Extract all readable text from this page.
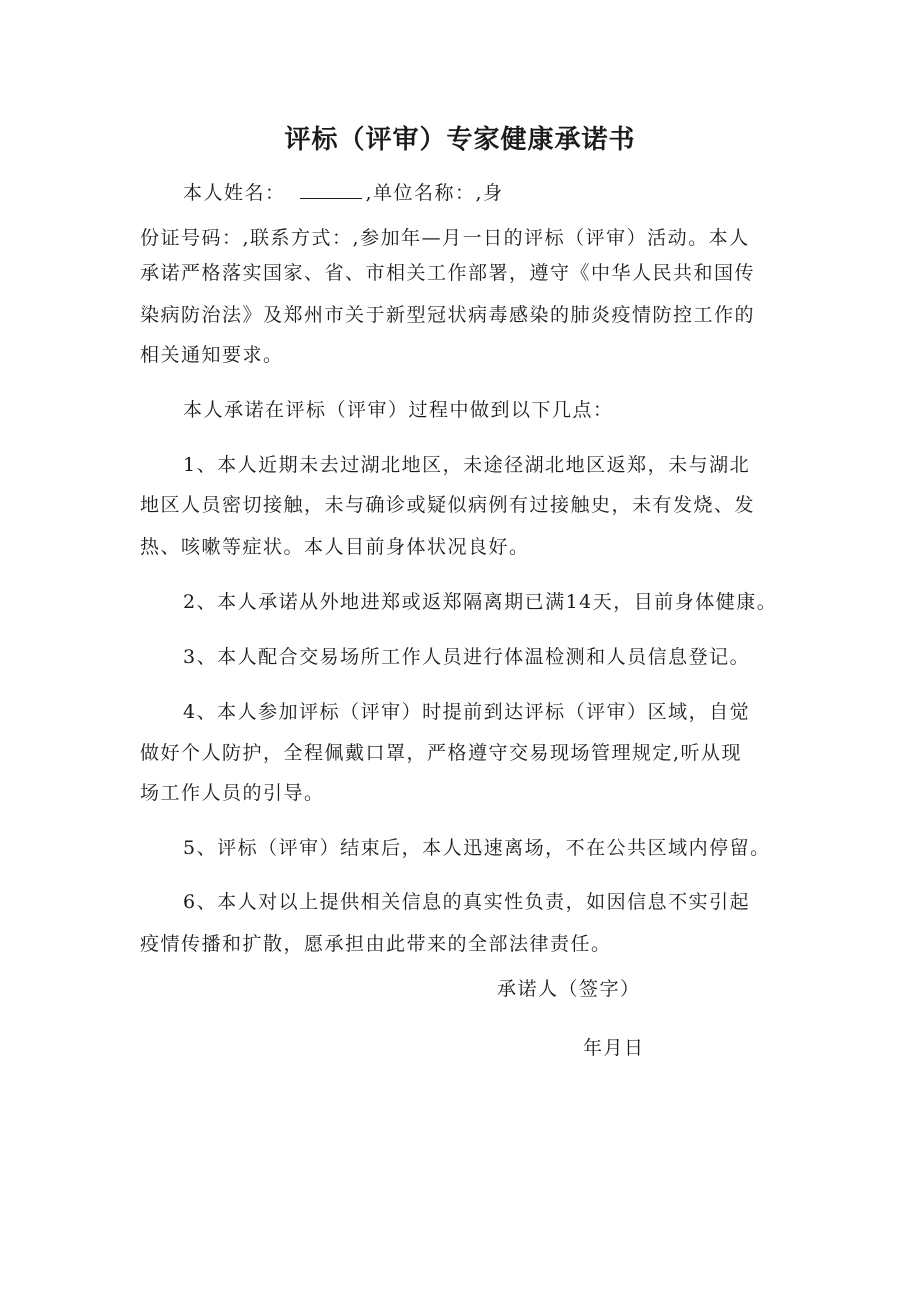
评标（评审）专家健康承诺书
本人姓名：	,单位名称：,身
份证号码：,联系方式：,参加年—月一日的评标（评审）活动。本人
承诺严格落实国家、省、市相关工作部署，遵守《中华人民共和国传
染病防治法》及郑州市关于新型冠状病毒感染的肺炎疫情防控工作的
相关通知要求。
本人承诺在评标（评审）过程中做到以下几点：
1、本人近期未去过湖北地区，未途径湖北地区返郑，未与湖北
地区人员密切接触，未与确诊或疑似病例有过接触史，未有发烧、发
热、咳嗽等症状。本人目前身体状况良好。
2、本人承诺从外地进郑或返郑隔离期已满14天，目前身体健康。
3、本人配合交易场所工作人员进行体温检测和人员信息登记。
4、本人参加评标（评审）时提前到达评标（评审）区域，自觉
做好个人防护，全程佩戴口罩，严格遵守交易现场管理规定,听从现
场工作人员的引导。
5、评标（评审）结束后，本人迅速离场，不在公共区域内停留。
6、本人对以上提供相关信息的真实性负责，如因信息不实引起
疫情传播和扩散，愿承担由此带来的全部法律责任。
承诺人（签字）
年月日
